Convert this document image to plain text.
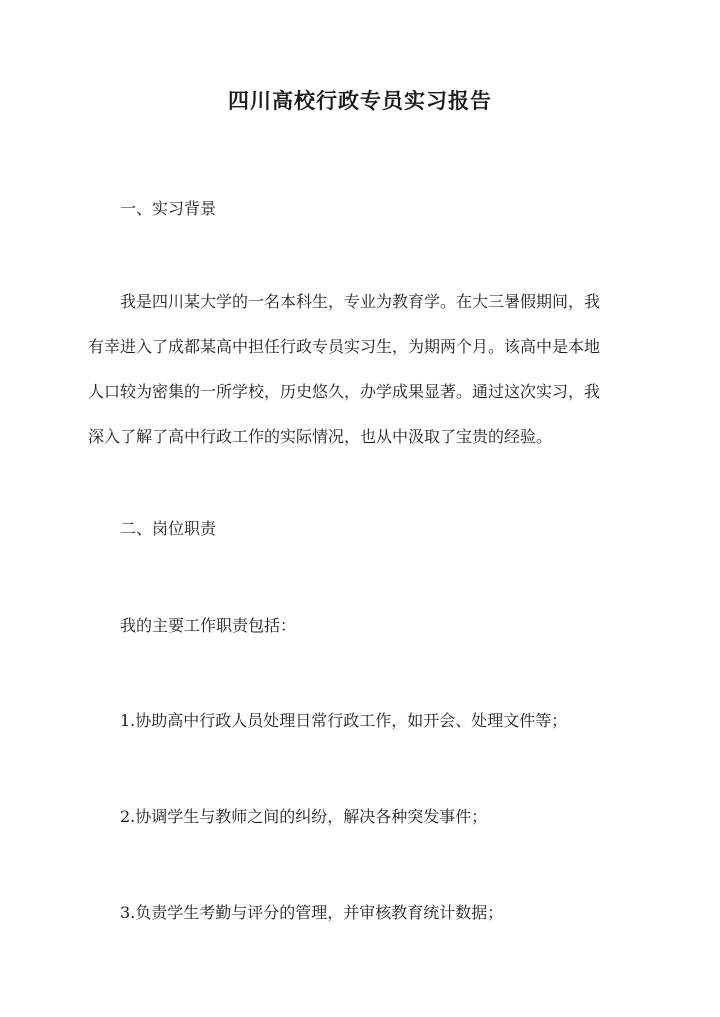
四川高校行政专员实习报告
一、实习背景
我是四川某大学的一名本科生，专业为教育学。在大三暑假期间，我
有幸进入了成都某高中担任行政专员实习生，为期两个月。该高中是本地
人口较为密集的一所学校，历史悠久，办学成果显著。通过这次实习，我
深入了解了高中行政工作的实际情况，也从中汲取了宝贵的经验。
二、岗位职责
我的主要工作职责包括：
1.协助高中行政人员处理日常行政工作，如开会、处理文件等；
2.协调学生与教师之间的纠纷，解决各种突发事件；
3.负责学生考勤与评分的管理，并审核教育统计数据；
